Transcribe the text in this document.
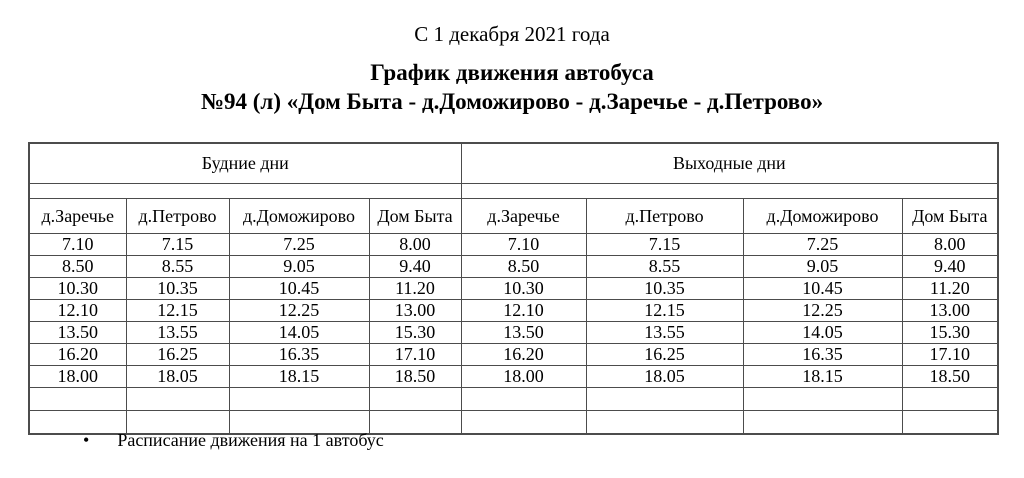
С 1 декабря 2021 года
График движения автобуса
№94 (л) «Дом Быта - д.Доможирово - д.Заречье - д.Петрово»
Будние дни				Выходные дни			

д.Заречье	д.Петрово	д.Доможирово	Дом Быта	д.Заречье	д.Петрово	д.Доможирово	Дом Быта
7.10	7.15	7.25	8.00	7.10	7.15	7.25	8.00
8.50	8.55	9.05	9.40	8.50	8.55	9.05	9.40
10.30	10.35	10.45	11.20	10.30	10.35	10.45	11.20
12.10	12.15	12.25	13.00	12.10	12.15	12.25	13.00
13.50	13.55	14.05	15.30	13.50	13.55	14.05	15.30
16.20	16.25	16.35	17.10	16.20	16.25	16.35	17.10
18.00	18.05	18.15	18.50	18.00	18.05	18.15	18.50

• Расписание движения на 1 автобус
